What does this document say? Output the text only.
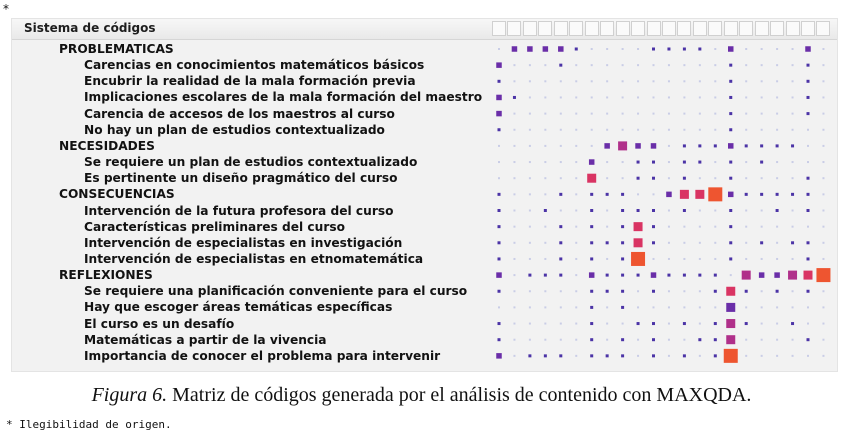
*
Sistema de códigos
PROBLEMATICAS
Carencias en conocimientos matemáticos básicos
Encubrir la realidad de la mala formación previa
Implicaciones escolares de la mala formación del maestro
Carencia de accesos de los maestros al curso
No hay un plan de estudios contextualizado
NECESIDADES
Se requiere un plan de estudios contextualizado
Es pertinente un diseño pragmático del curso
CONSECUENCIAS
Intervención de la futura profesora del curso
Características preliminares del curso
Intervención de especialistas en investigación
Intervención de especialistas en etnomatemática
REFLEXIONES
Se requiere una planificación conveniente para el curso
Hay que escoger áreas temáticas específicas
El curso es un desafío
Matemáticas a partir de la vivencia
Importancia de conocer el problema para intervenir
Figura 6. Matriz de códigos generada por el análisis de contenido con MAXQDA.
* Ilegibilidad de origen.
